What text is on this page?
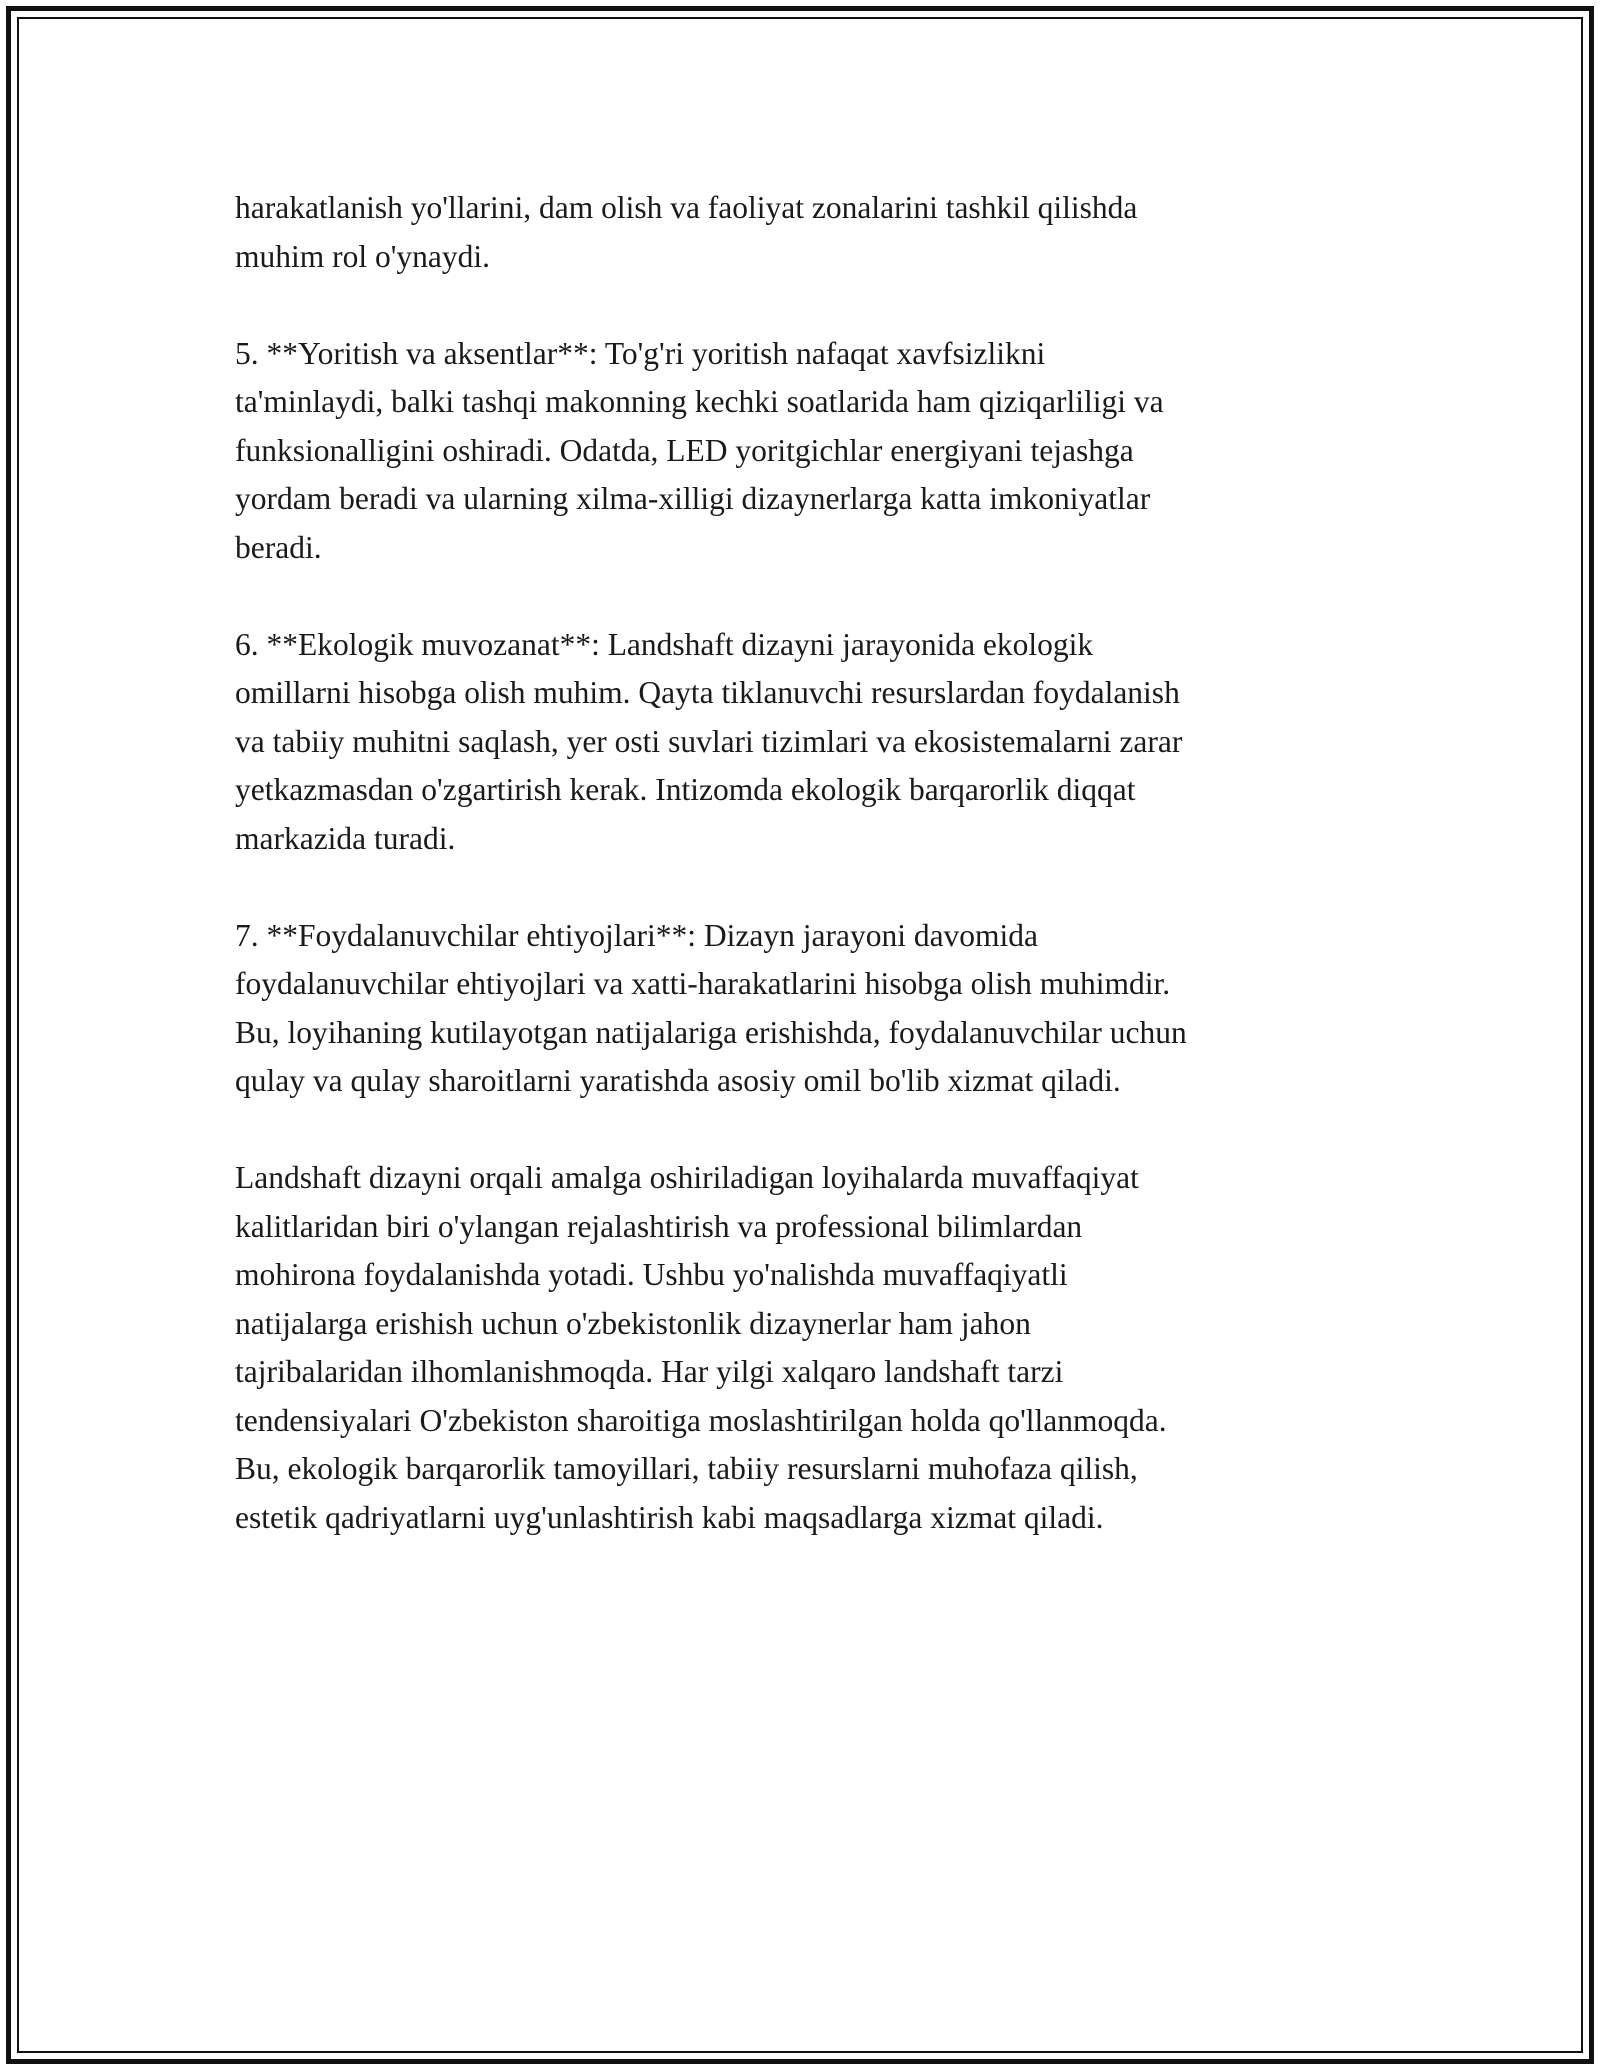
harakatlanish yo'llarini, dam olish va faoliyat zonalarini tashkil qilishda
muhim rol o'ynaydi.

5. **Yoritish va aksentlar**: To'g'ri yoritish nafaqat xavfsizlikni
ta'minlaydi, balki tashqi makonning kechki soatlarida ham qiziqarliligi va
funksionalligini oshiradi. Odatda, LED yoritgichlar energiyani tejashga
yordam beradi va ularning xilma-xilligi dizaynerlarga katta imkoniyatlar
beradi.

6. **Ekologik muvozanat**: Landshaft dizayni jarayonida ekologik
omillarni hisobga olish muhim. Qayta tiklanuvchi resurslardan foydalanish
va tabiiy muhitni saqlash, yer osti suvlari tizimlari va ekosistemalarni zarar
yetkazmasdan o'zgartirish kerak. Intizomda ekologik barqarorlik diqqat
markazida turadi.

7. **Foydalanuvchilar ehtiyojlari**: Dizayn jarayoni davomida
foydalanuvchilar ehtiyojlari va xatti-harakatlarini hisobga olish muhimdir.
Bu, loyihaning kutilayotgan natijalariga erishishda, foydalanuvchilar uchun
qulay va qulay sharoitlarni yaratishda asosiy omil bo'lib xizmat qiladi.

Landshaft dizayni orqali amalga oshiriladigan loyihalarda muvaffaqiyat
kalitlaridan biri o'ylangan rejalashtirish va professional bilimlardan
mohirona foydalanishda yotadi. Ushbu yo'nalishda muvaffaqiyatli
natijalarga erishish uchun o'zbekistonlik dizaynerlar ham jahon
tajribalaridan ilhomlanishmoqda. Har yilgi xalqaro landshaft tarzi
tendensiyalari O'zbekiston sharoitiga moslashtirilgan holda qo'llanmoqda.
Bu, ekologik barqarorlik tamoyillari, tabiiy resurslarni muhofaza qilish,
estetik qadriyatlarni uyg'unlashtirish kabi maqsadlarga xizmat qiladi.
